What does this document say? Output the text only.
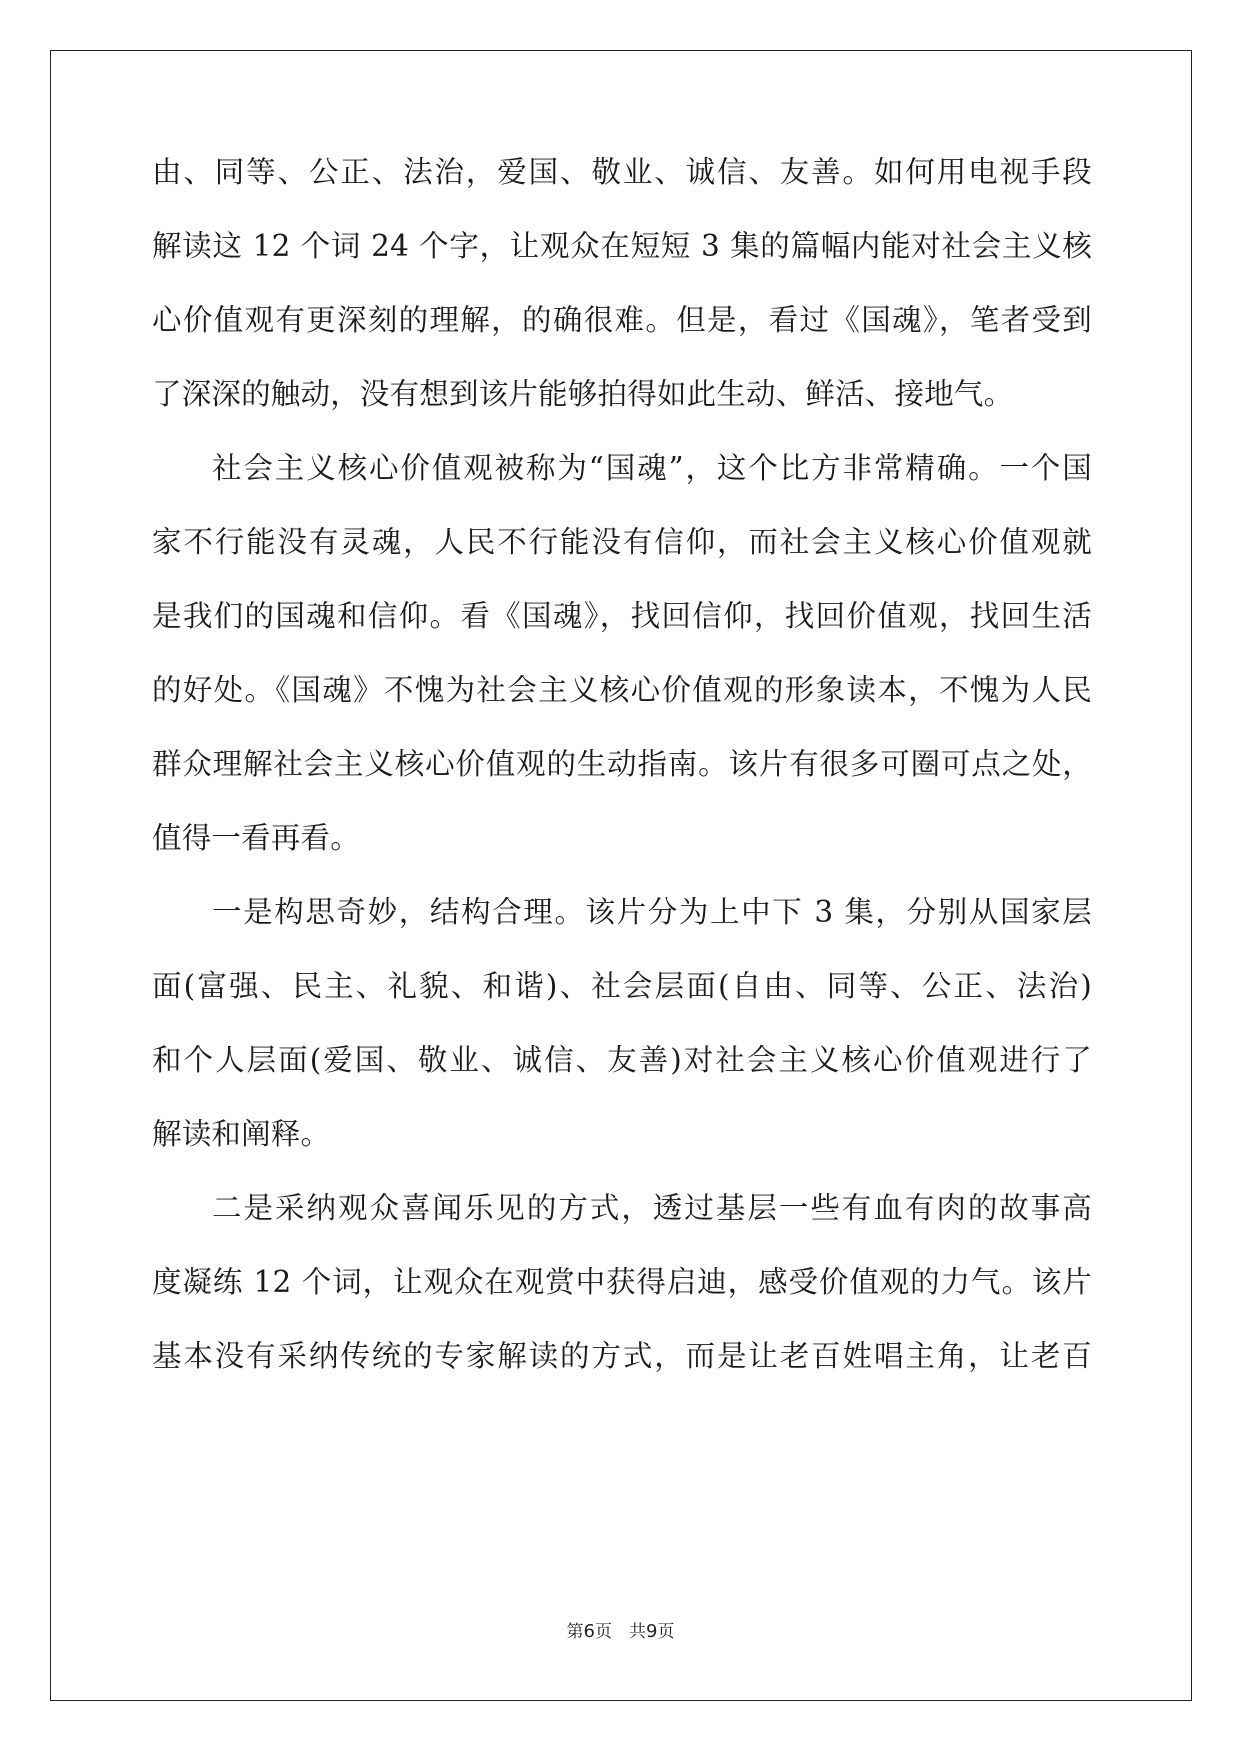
由、同等、公正、法治，爱国、敬业、诚信、友善。如何用电视手段
解读这 12 个词 24 个字，让观众在短短 3 集的篇幅内能对社会主义核
心价值观有更深刻的理解，的确很难。但是，看过《国魂》，笔者受到
了深深的触动，没有想到该片能够拍得如此生动、鲜活、接地气。
社会主义核心价值观被称为“国魂”，这个比方非常精确。一个国
家不行能没有灵魂，人民不行能没有信仰，而社会主义核心价值观就
是我们的国魂和信仰。看《国魂》，找回信仰，找回价值观，找回生活
的好处。《国魂》不愧为社会主义核心价值观的形象读本，不愧为人民
群众理解社会主义核心价值观的生动指南。该片有很多可圈可点之处，
值得一看再看。
一是构思奇妙，结构合理。该片分为上中下 3 集，分别从国家层
面(富强、民主、礼貌、和谐)、社会层面(自由、同等、公正、法治)
和个人层面(爱国、敬业、诚信、友善)对社会主义核心价值观进行了
解读和阐释。
二是采纳观众喜闻乐见的方式，透过基层一些有血有肉的故事高
度凝练 12 个词，让观众在观赏中获得启迪，感受价值观的力气。该片
基本没有采纳传统的专家解读的方式，而是让老百姓唱主角，让老百
第6页　共9页
